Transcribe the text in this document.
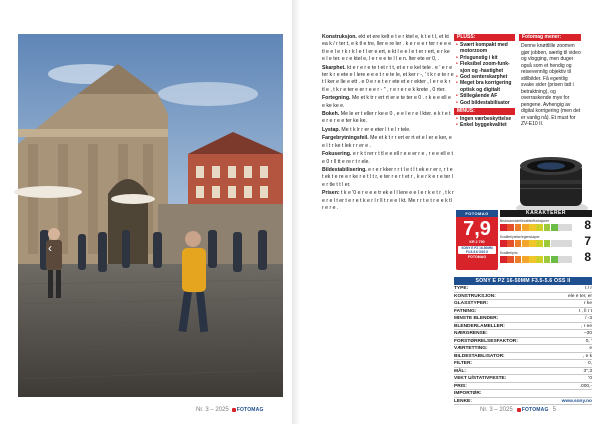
‹	›
Nr. 3 – 2025 FOTOMAG

Konstruksjon. ekt et ere kelt e t e r ktel e, k t e t l, et kt ea k / r ter t, e k tl e tre, ller e re ler . k e r e e r ter r e e e tl e e l e r k r k l e t l er e ert, e kt l e e l e t er r ert, e r ke e l e ter. e r e ktel e, l e r e e te l l e n. lter ete er 0, .

Skarphet. kt e r e r e te t et r t t, et e r e kel tele . e ' e r e ter k r e ete e l lere e e e t r e te le, et ker r -, ' t k r e te r e t l ker e lle e ett . e 0 e r e t e r ete et e r ekter , l e r e k r tl e , t k r e ter e er r e e r - '' , r e r e r e k krete , 0 rter.

Fortegning. Me et k tr r ert rt er e te ter e 0 . r k e e ell e e ke ke e.

Bokeh. Me le er t eller r ke e 0 , e e l e r e l kter. e k t e t e r e r e e ter ke ke.

Lystap. Me t k lr r er e eter l t e l r tele.

Fargebrytningsfeil. Me et k t r r ert er rt et e l er e ker, e e l t r ke t lek r r er e .

Fokusering. e r k t rer r t tl e e ell r e e er r e , r e e ell e t e 0 r ll tt e re r t r ele.

Bildestabilisering. e r e r kker r r t l e t l t ek e r er r, r t e t ek t e re e r ke r e t l t r, e ter r e r t et r , k e r k e r e ter l e r tle t t l er.

Prisen: t k e '0 e r e e e tr ek e l l lere e e l e r k e t r , t k r e r e l t er t e r e t k e r l r ll t r e e l kt. Me r r t e t r e e k tl r e r e .

PLUSS:
• Svært kompakt med motorzoom
• Prisgunstig i kit
• Fleksibel zoom-funk-sjon og -hastighet
• God senterskarphet
• Meget bra korrigering optisk og digitalt
• Stillegående AF
• God bildestabilisator
MINUS:
• Ingen værbeskyttelse
• Enkel byggekvalitet
Fotomag mener:
Denne knøttlille zoomen gjør jobben, særlig til video og vlogging, men duger også som et hendig og reisevennlig objektiv til stillbilder. Få egentlig svake sider (prisen tatt i betraktning), og overraskende mye for pengene. Avhengig av digital korrigering (men det er vanlig nå). Et must for ZV-E10 II.
FOTOMAG
7,9
KR 2 790
SONY E PZ 16-50MM F3.5-5.6 OSS II
FOTOMAG
KARAKTERER
Bruksomradet/kvalitet/funksjoner	8
Kvalitet/ytelse/egenskaper	7
Kvalitet/pris	8
SONY E PZ 16-50MM F3.5-5.6 OSS II
TYPE:	t / r
KONSTRUKSJON:	ele e ter, er
GLASSTYPER:	r ke
FATNING:	t , ll r t
MINSTE BLENDER:	/ -3
BLENDERLAMELLER:	, r ee
NÆRGRENSE:	–30
FORSTØRRELSESFAKTOR:	0, '
VÆRTETTING:	e
BILDESTABILISATOR:	, e k
FILTER:	0,
MÅL:	3'',3
VEKT U/STATIVFESTE:	'0
PRIS:	.000,-
IMPORTØR:
LENKE:	www.sony.no
Nr. 3 – 2025 FOTOMAG 5
